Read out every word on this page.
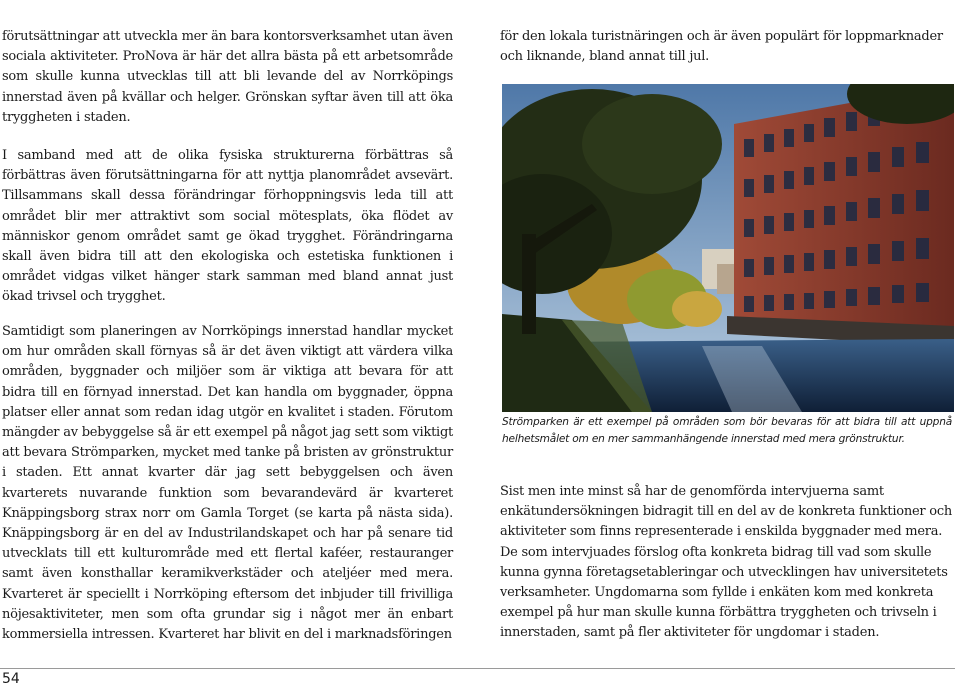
förutsättningar att utveckla mer än bara kontorsverksamhet utan även sociala aktiviteter. ProNova är här det allra bästa på ett arbetsområde som skulle kunna utvecklas till att bli levande del av Norrköpings innerstad även på kvällar och helger. Grönskan syftar även till att öka tryggheten i staden.

I samband med att de olika fysiska strukturerna förbättras så förbättras även förutsättningarna för att nyttja planområdet avsevärt. Tillsammans skall dessa förändringar förhoppningsvis leda till att området blir mer attraktivt som social mötesplats, öka flödet av människor genom området samt ge ökad trygghet. Förändringarna skall även bidra till att den ekologiska och estetiska funktionen i området vidgas vilket hänger stark samman med bland annat just ökad trivsel och trygghet.

Samtidigt som planeringen av Norrköpings innerstad handlar mycket om hur områden skall förnyas så är det även viktigt att värdera vilka områden, byggnader och miljöer som är viktiga att bevara för att bidra till en förnyad innerstad. Det kan handla om byggnader, öppna platser eller annat som redan idag utgör en kvalitet i staden. Förutom mängder av bebyggelse så är ett exempel på något jag sett som viktigt att bevara Strömparken, mycket med tanke på bristen av grönstruktur i staden. Ett annat kvarter där jag sett bebyggelsen och även kvarterets nuvarande funktion som bevarandevärd är kvarteret Knäppingsborg strax norr om Gamla Torget (se karta på nästa sida). Knäppingsborg är en del av Industrilandskapet och har på senare tid utvecklats till ett kulturområde med ett flertal kaféer, restauranger samt även konsthallar keramikverkstäder och ateljéer med mera. Kvarteret är speciellt i Norrköping eftersom det inbjuder till frivilliga nöjesaktiviteter, men som ofta grundar sig i något mer än enbart kommersiella intressen. Kvarteret har blivit en del i marknadsföringen

för den lokala turistnäringen och är även populärt för loppmarknader och liknande, bland annat till jul.

Strömparken är ett exempel på områden som bör bevaras för att bidra till att uppnå helhetsmålet om en mer sammanhängende innerstad med mera grönstruktur.

Sist men inte minst så har de genomförda intervjuerna samt enkätundersökningen bidragit till en del av de konkreta funktioner och aktiviteter som finns representerade i enskilda byggnader med mera. De som intervjuades förslog ofta konkreta bidrag till vad som skulle kunna gynna företagsetableringar och utvecklingen hav universitetets verksamheter. Ungdomarna som fyllde i enkäten kom med konkreta exempel på hur man skulle kunna förbättra tryggheten och trivseln i innerstaden, samt på fler aktiviteter för ungdomar i staden.

54
